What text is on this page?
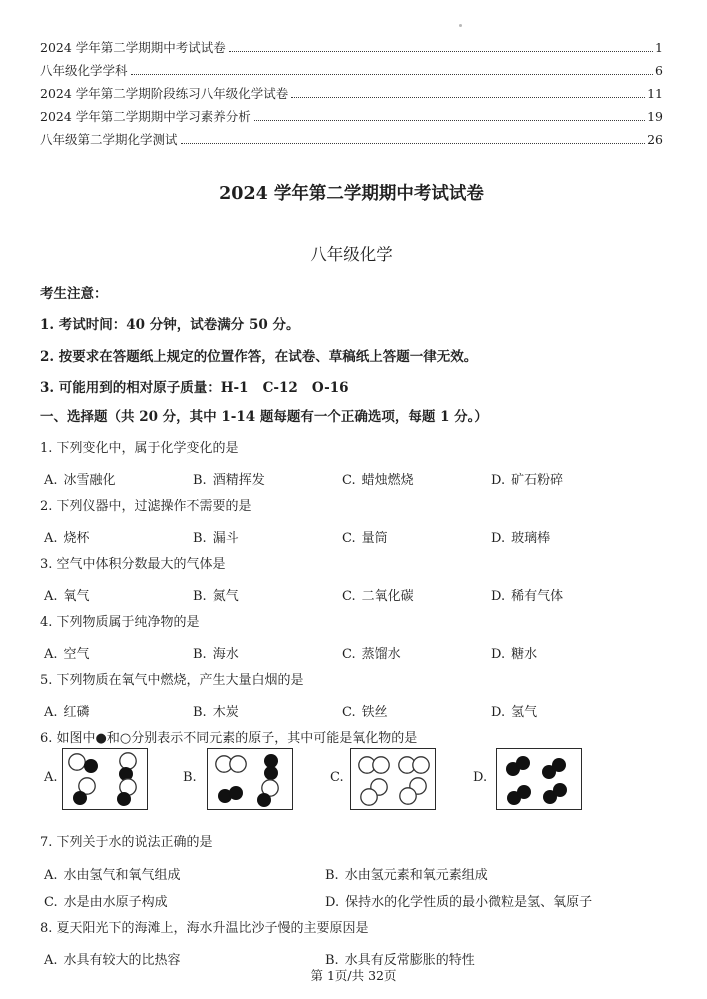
2024 学年第二学期期中考试试卷	1
八年级化学学科	6
2024 学年第二学期阶段练习八年级化学试卷	11
2024 学年第二学期期中学习素养分析	19
八年级第二学期化学测试	26
2024 学年第二学期期中考试试卷
八年级化学
考生注意：
1. 考试时间：40 分钟，试卷满分 50 分。
2. 按要求在答题纸上规定的位置作答，在试卷、草稿纸上答题一律无效。
3. 可能用到的相对原子质量：H-1   C-12   O-16
一、选择题（共 20 分，其中 1-14 题每题有一个正确选项，每题 1 分。）
1. 下列变化中，属于化学变化的是
A. 冰雪融化	B. 酒精挥发	C. 蜡烛燃烧	D. 矿石粉碎
2. 下列仪器中，过滤操作不需要的是
A. 烧杯	B. 漏斗	C. 量筒	D. 玻璃棒
3. 空气中体积分数最大的气体是
A. 氧气	B. 氮气	C. 二氧化碳	D. 稀有气体
4. 下列物质属于纯净物的是
A. 空气	B. 海水	C. 蒸馏水	D. 糖水
5. 下列物质在氧气中燃烧，产生大量白烟的是
A. 红磷	B. 木炭	C. 铁丝	D. 氢气
6. 如图中●和○分别表示不同元素的原子，其中可能是氧化物的是
A.	B.	C.	D.
7. 下列关于水的说法正确的是
A. 水由氢气和氧气组成	B. 水由氢元素和氧元素组成
C. 水是由水原子构成	D. 保持水的化学性质的最小微粒是氢、氧原子
8. 夏天阳光下的海滩上，海水升温比沙子慢的主要原因是
A. 水具有较大的比热容	B. 水具有反常膨胀的特性
第 1页/共 32页
